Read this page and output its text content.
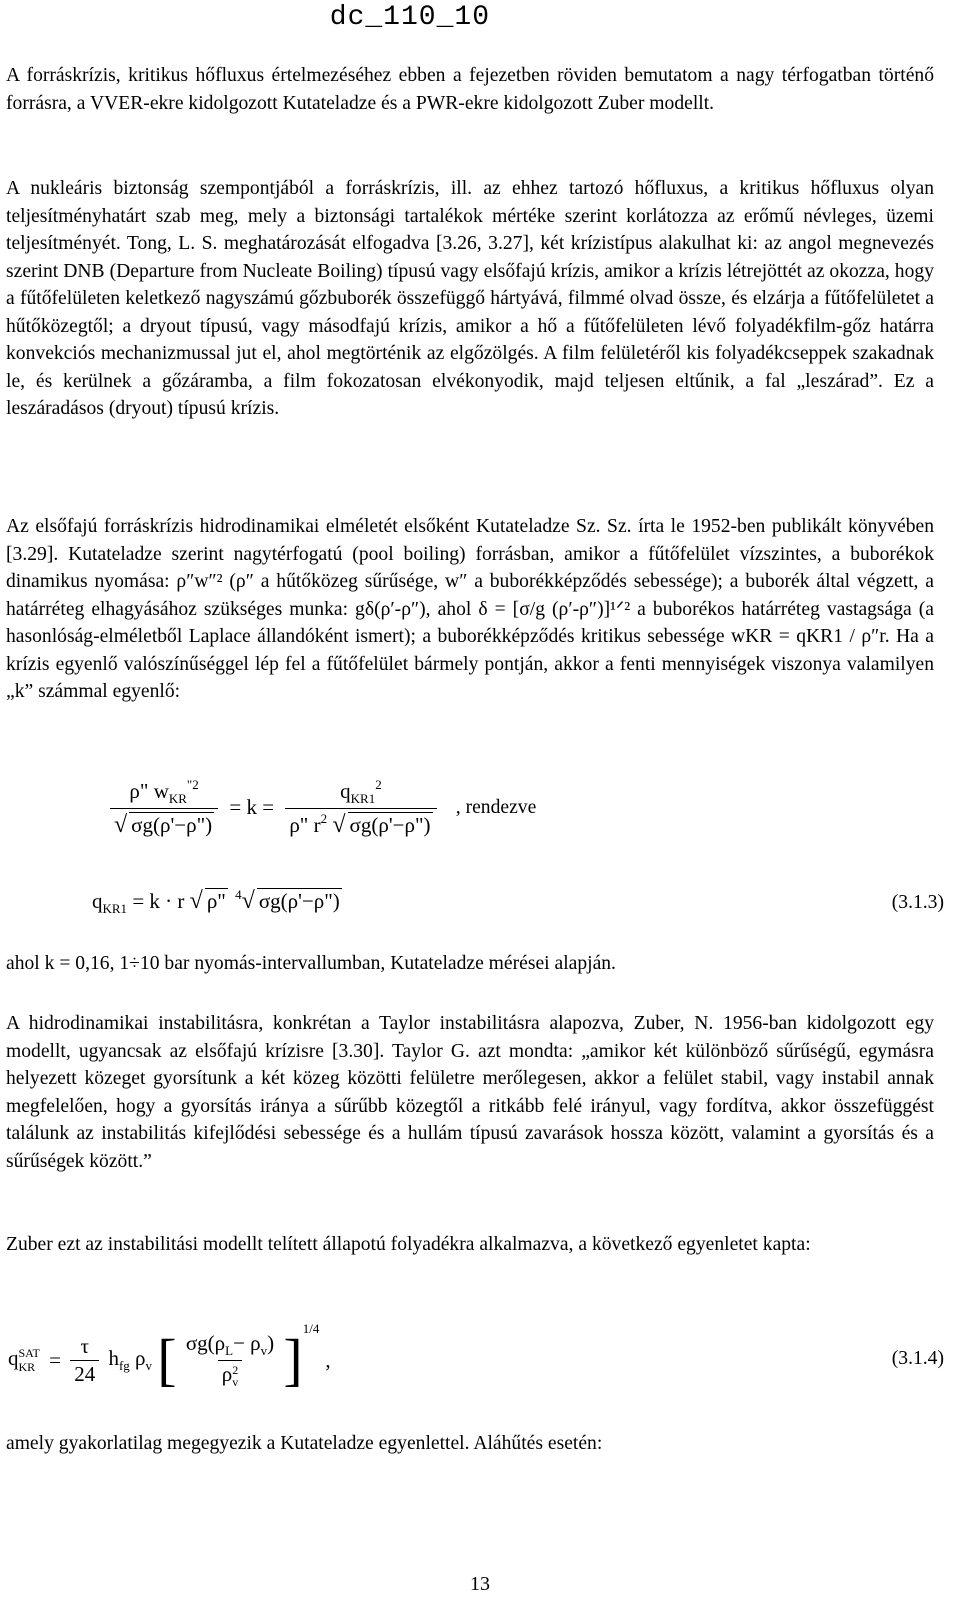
dc_110_10

A forráskrízis, kritikus hőfluxus értelmezéséhez ebben a fejezetben röviden bemutatom a nagy térfogatban történő forrásra, a VVER-ekre kidolgozott Kutateladze és a PWR-ekre kidolgozott Zuber modellt.

A nukleáris biztonság szempontjából a forráskrízis, ill. az ehhez tartozó hőfluxus, a kritikus hőfluxus olyan teljesítményhatárt szab meg, mely a biztonsági tartalékok mértéke szerint korlátozza az erőmű névleges, üzemi teljesítményét. Tong, L. S. meghatározását elfogadva [3.26, 3.27], két krízistípus alakulhat ki: az angol megnevezés szerint DNB (Departure from Nucleate Boiling) típusú vagy elsőfajú krízis, amikor a krízis létrejöttét az okozza, hogy a fűtőfelületen keletkező nagyszámú gőzbuborék összefüggő hártyává, filmmé olvad össze, és elzárja a fűtőfelületet a hűtőközegtől; a dryout típusú, vagy másodfajú krízis, amikor a hő a fűtőfelületen lévő folyadékfilm-gőz határra konvekciós mechanizmussal jut el, ahol megtörténik az elgőzölgés. A film felületéről kis folyadékcseppek szakadnak le, és kerülnek a gőzáramba, a film fokozatosan elvékonyodik, majd teljesen eltűnik, a fal „leszárad”. Ez a leszáradásos (dryout) típusú krízis.

Az elsőfajú forráskrízis hidrodinamikai elméletét elsőként Kutateladze Sz. Sz. írta le 1952-ben publikált könyvében [3.29]. Kutateladze szerint nagytérfogatú (pool boiling) forrásban, amikor a fűtőfelület vízszintes, a buborékok dinamikus nyomása: ρ″w″² (ρ″ a hűtőközeg sűrűsége, w″ a buborékképződés sebessége); a buborék által végzett, a határréteg elhagyásához szükséges munka: gδ(ρ′-ρ″), ahol δ = [σ/g (ρ′-ρ″)]¹ᐟ² a buborékos határréteg vastagsága (a hasonlóság-elméletből Laplace állandóként ismert); a buborékképződés kritikus sebessége wKR = qKR1 / ρ″r. Ha a krízis egyenlő valószínűséggel lép fel a fűtőfelület bármely pontján, akkor a fenti mennyiségek viszonya valamilyen „k” számmal egyenlő:

$\frac{\rho" w_{KR}^{"2}}{√ \sigma g(\rho'-\rho")} = k = \frac{q_{KR1}^2}{\rho" r^2 √ \sigma g(\rho'-\rho")}$ , rendezve
$q_{KR1} = k \cdot r$ √ ρ" $^4$√ σg(ρ'−ρ")	(3.1.3)

ahol k = 0,16, 1÷10 bar nyomás-intervallumban, Kutateladze mérései alapján.

A hidrodinamikai instabilitásra, konkrétan a Taylor instabilitásra alapozva, Zuber, N. 1956-ban kidolgozott egy modellt, ugyancsak az elsőfajú krízisre [3.30]. Taylor G. azt mondta: „amikor két különböző sűrűségű, egymásra helyezett közeget gyorsítunk a két közeg közötti felületre merőlegesen, akkor a felület stabil, vagy instabil annak megfelelően, hogy a gyorsítás iránya a sűrűbb közegtől a ritkább felé irányul, vagy fordítva, akkor összefüggést találunk az instabilitás kifejlődési sebessége és a hullám típusú zavarások hossza között, valamint a gyorsítás és a sűrűségek között.”

Zuber ezt az instabilitási modellt telített állapotú folyadékra alkalmazva, a következő egyenletet kapta:

q SAT
KR = $\frac{\tau}{24} h_{fg}$ $\rho_v$ [ $\sigma g(\rho_L- \rho_v)$
ρ 2
v ]$^{1/4}$,	(3.1.4)

amely gyakorlatilag megegyezik a Kutateladze egyenlettel. Aláhűtés esetén:

13
